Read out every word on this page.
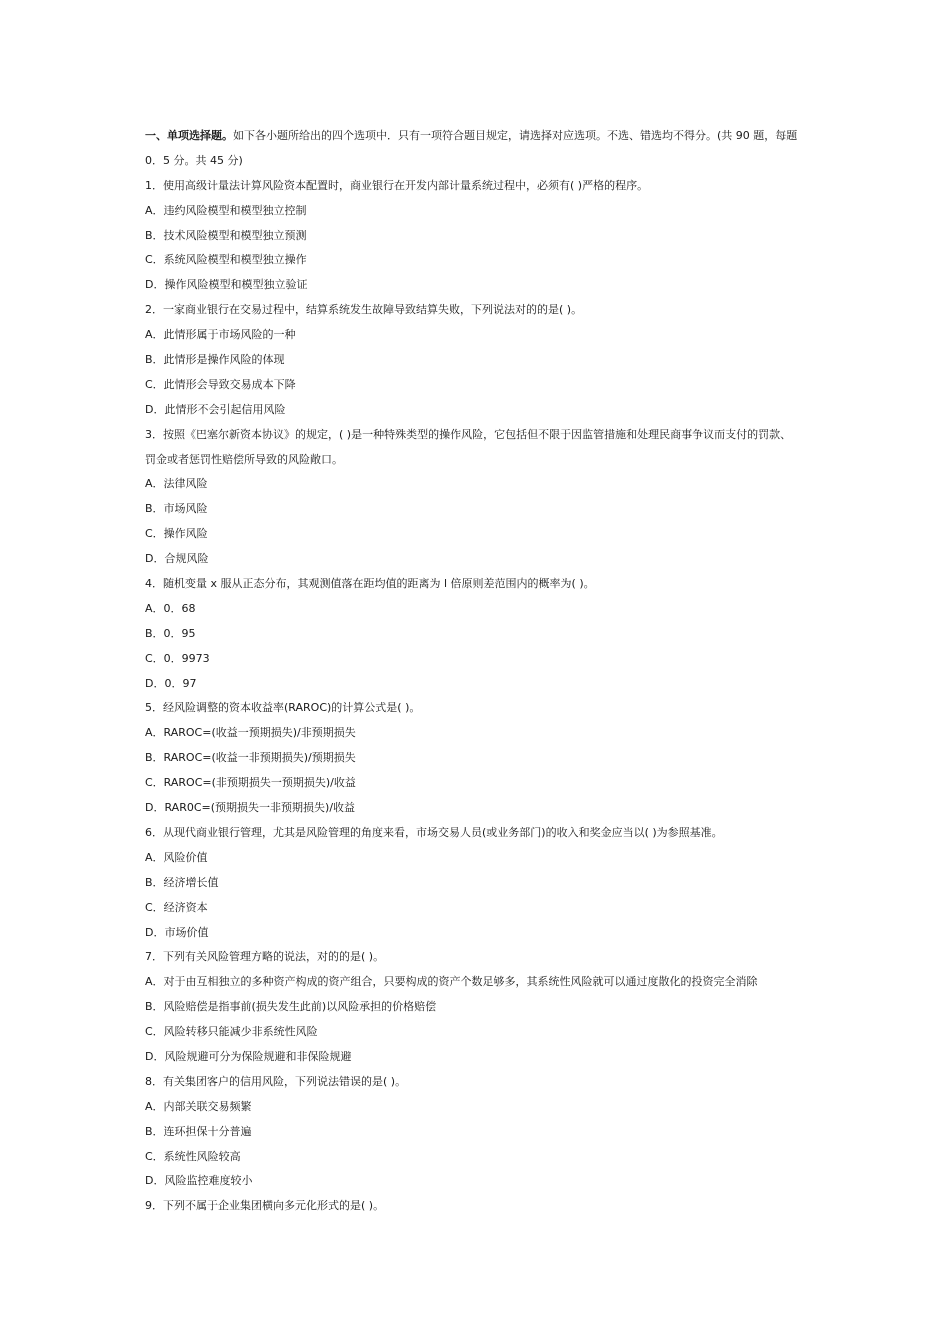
一、单项选择题。如下各小题所给出的四个选项中．只有一项符合题目规定，请选择对应选项。不选、错选均不得分。(共 90 题，每题
0．5 分。共 45 分)
1．使用高级计量法计算风险资本配置时，商业银行在开发内部计量系统过程中，必须有( )严格的程序。
A．违约风险模型和模型独立控制
B．技术风险模型和模型独立预测
C．系统风险模型和模型独立操作
D．操作风险模型和模型独立验证
2．一家商业银行在交易过程中，结算系统发生故障导致结算失败，下列说法对的的是( )。
A．此情形属于市场风险的一种
B．此情形是操作风险的体现
C．此情形会导致交易成本下降
D．此情形不会引起信用风险
3．按照《巴塞尔新资本协议》的规定，( )是一种特殊类型的操作风险，它包括但不限于因监管措施和处理民商事争议而支付的罚款、
罚金或者惩罚性赔偿所导致的风险敞口。
A．法律风险
B．市场风险
C．操作风险
D．合规风险
4．随机变量 x 服从正态分布，其观测值落在距均值的距离为 l 倍原则差范围内的概率为( )。
A．0．68
B．0．95
C．0．9973
D．0．97
5．经风险调整的资本收益率(RAROC)的计算公式是( )。
A．RAROC=(收益一预期损失)/非预期损失
B．RAROC=(收益一非预期损失)/预期损失
C．RAROC=(非预期损失一预期损失)/收益
D．RAR0C=(预期损失一非预期损失)/收益
6．从现代商业银行管理，尤其是风险管理的角度来看，市场交易人员(或业务部门)的收入和奖金应当以( )为参照基准。
A．风险价值
B．经济增长值
C．经济资本
D．市场价值
7．下列有关风险管理方略的说法，对的的是( )。
A．对于由互相独立的多种资产构成的资产组合，只要构成的资产个数足够多，其系统性风险就可以通过度散化的投资完全消除
B．风险赔偿是指事前(损失发生此前)以风险承担的价格赔偿
C．风险转移只能减少非系统性风险
D．风险规避可分为保险规避和非保险规避
8．有关集团客户的信用风险，下列说法错误的是( )。
A．内部关联交易频繁
B．连环担保十分普遍
C．系统性风险较高
D．风险监控难度较小
9．下列不属于企业集团横向多元化形式的是( )。
